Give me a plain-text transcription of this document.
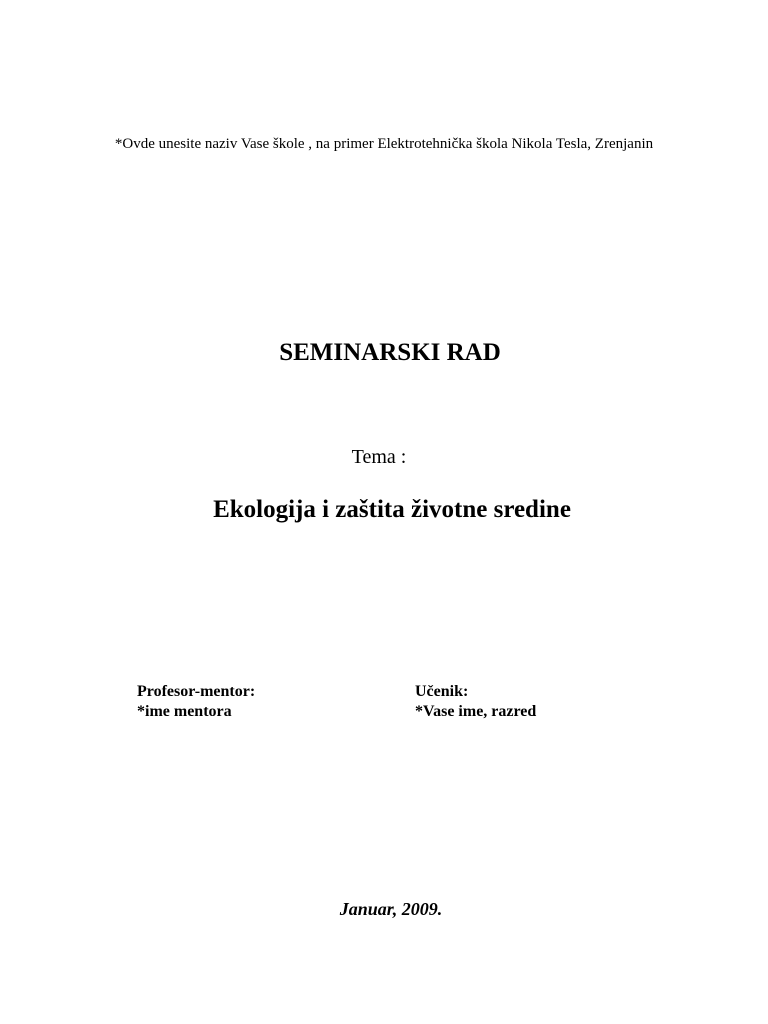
*Ovde unesite naziv Vase škole , na primer Elektrotehnička škola Nikola Tesla, Zrenjanin
SEMINARSKI RAD
Tema :
Ekologija i zaštita životne sredine
Profesor-mentor:
*ime mentora
Učenik:
*Vase ime, razred
Januar, 2009.
